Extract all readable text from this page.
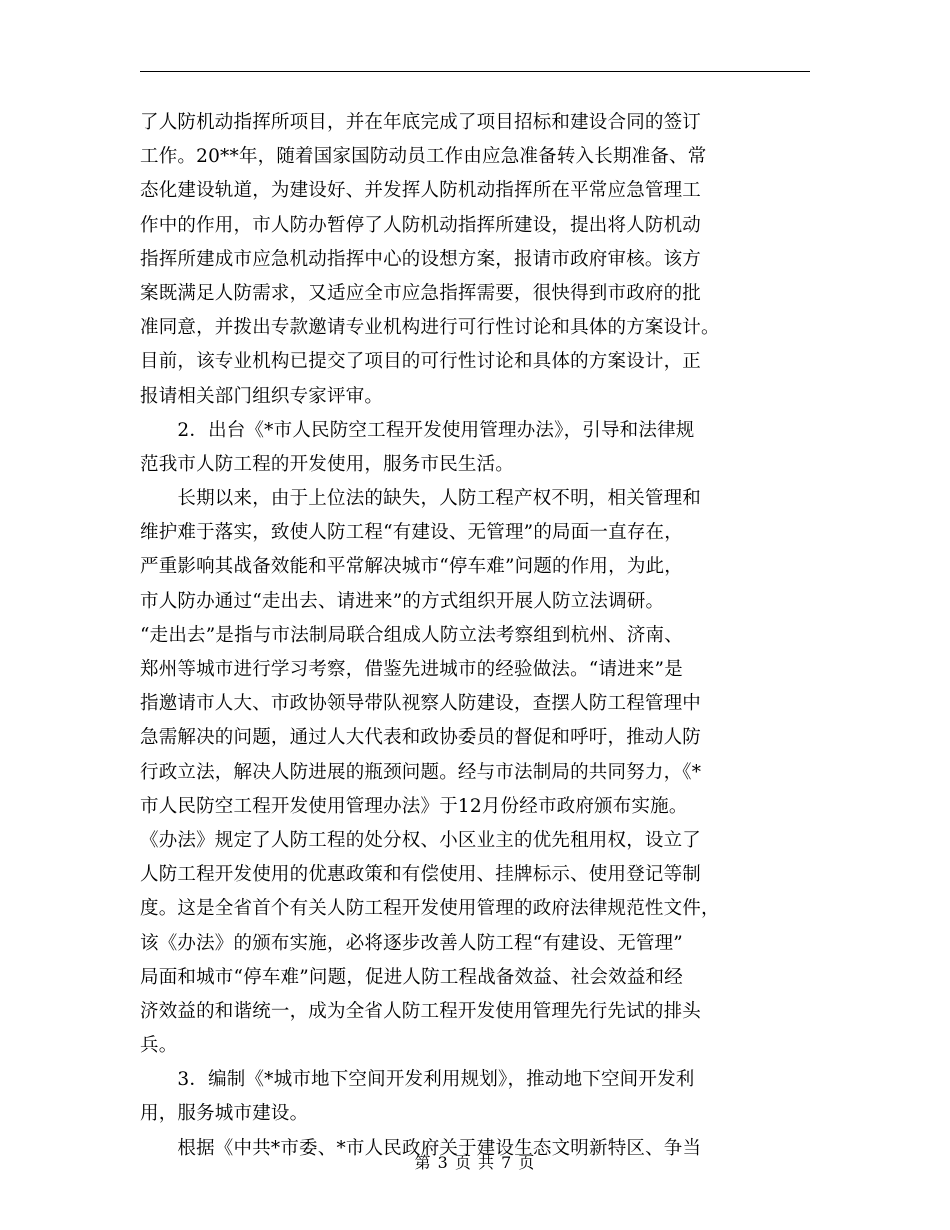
了人防机动指挥所项目，并在年底完成了项目招标和建设合同的签订
工作。20**年，随着国家国防动员工作由应急准备转入长期准备、常
态化建设轨道，为建设好、并发挥人防机动指挥所在平常应急管理工
作中的作用，市人防办暂停了人防机动指挥所建设，提出将人防机动
指挥所建成市应急机动指挥中心的设想方案，报请市政府审核。该方
案既满足人防需求，又适应全市应急指挥需要，很快得到市政府的批
准同意，并拨出专款邀请专业机构进行可行性讨论和具体的方案设计。
目前，该专业机构已提交了项目的可行性讨论和具体的方案设计，正
报请相关部门组织专家评审。
　　2．出台《*市人民防空工程开发使用管理办法》，引导和法律规
范我市人防工程的开发使用，服务市民生活。
　　长期以来，由于上位法的缺失，人防工程产权不明，相关管理和
维护难于落实，致使人防工程“有建设、无管理”的局面一直存在，
严重影响其战备效能和平常解决城市“停车难”问题的作用，为此，
市人防办通过“走出去、请进来”的方式组织开展人防立法调研。
“走出去”是指与市法制局联合组成人防立法考察组到杭州、济南、
郑州等城市进行学习考察，借鉴先进城市的经验做法。“请进来”是
指邀请市人大、市政协领导带队视察人防建设，查摆人防工程管理中
急需解决的问题，通过人大代表和政协委员的督促和呼吁，推动人防
行政立法，解决人防进展的瓶颈问题。经与市法制局的共同努力，《*
市人民防空工程开发使用管理办法》于12月份经市政府颁布实施。
《办法》规定了人防工程的处分权、小区业主的优先租用权，设立了
人防工程开发使用的优惠政策和有偿使用、挂牌标示、使用登记等制
度。这是全省首个有关人防工程开发使用管理的政府法律规范性文件，
该《办法》的颁布实施，必将逐步改善人防工程“有建设、无管理”
局面和城市“停车难”问题，促进人防工程战备效益、社会效益和经
济效益的和谐统一，成为全省人防工程开发使用管理先行先试的排头
兵。
　　3．编制《*城市地下空间开发利用规划》，推动地下空间开发利
用，服务城市建设。
　　根据《中共*市委、*市人民政府关于建设生态文明新特区、争当
第 3 页 共 7 页
